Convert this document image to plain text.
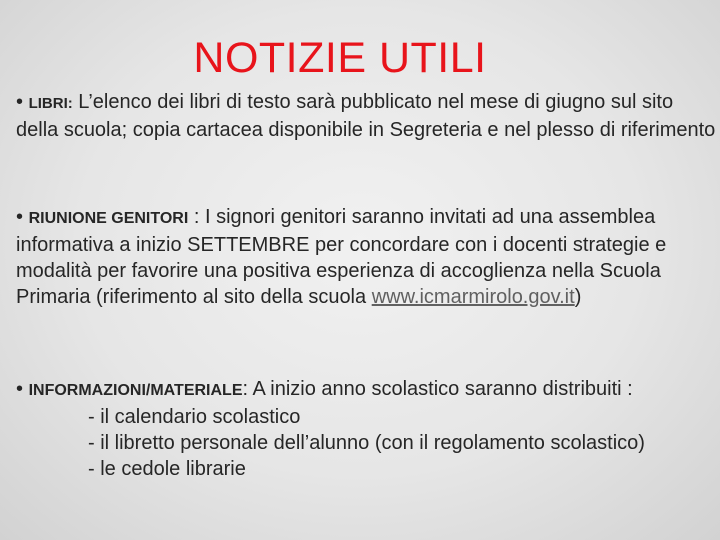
NOTIZIE UTILI

• LIBRI: L’elenco dei libri di testo sarà pubblicato nel mese di giugno sul sito della scuola; copia cartacea disponibile in Segreteria e nel plesso di riferimento

• RIUNIONE GENITORI : I signori genitori saranno invitati ad una assemblea informativa a inizio SETTEMBRE per concordare con i docenti strategie e modalità per favorire una positiva esperienza di accoglienza nella Scuola Primaria (riferimento al sito della scuola www.icmarmirolo.gov.it)

• INFORMAZIONI/MATERIALE: A inizio anno scolastico saranno distribuiti :
- il calendario scolastico
- il libretto personale dell’alunno (con il regolamento scolastico)
- le cedole librarie
